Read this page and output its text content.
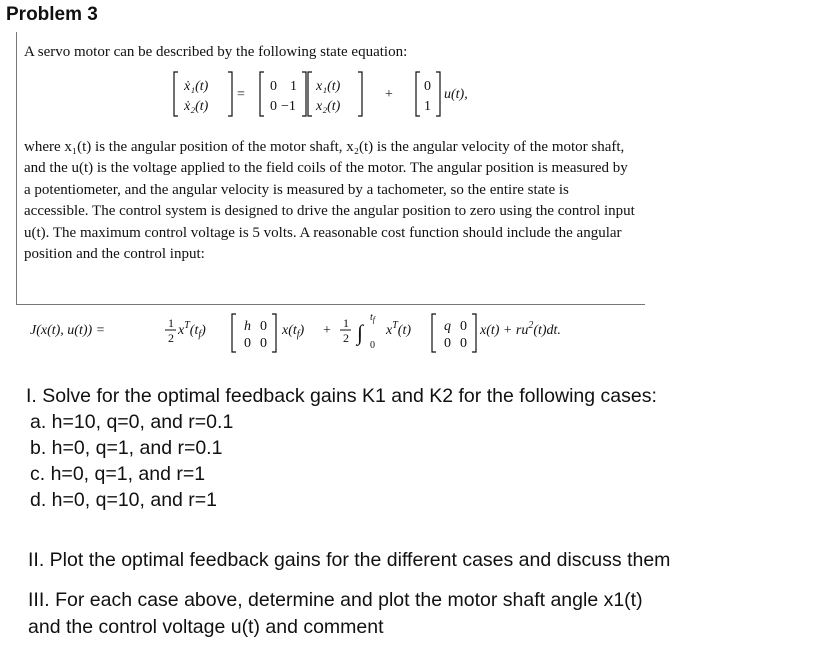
Problem 3
A servo motor can be described by the following state equation:
ẋ₁(t)
ẋ₂(t)
=
0 1
0 −1
x₁(t)
x₂(t)
+
0
1
u(t),
J(x(t), u(t)) =	1
2 $x^T(t_f)$	h 0
0 0
$x(t_f) + 1$
2 ∫
$t_f$
0
$x^T(t)$ q 0
0 0
$x(t) + ru^2(t)dt$.

where x₁(t) is the angular position of the motor shaft, x₂(t) is the angular velocity of the motor shaft, and the u(t) is the voltage applied to the field coils of the motor. The angular position is measured by a potentiometer, and the angular velocity is measured by a tachometer, so the entire state is accessible. The control system is designed to drive the angular position to zero using the control input u(t). The maximum control voltage is 5 volts. A reasonable cost function should include the angular position and the control input:

I. Solve for the optimal feedback gains K1 and K2 for the following cases:
a. h=10, q=0, and r=0.1
b. h=0, q=1, and r=0.1
c. h=0, q=1, and r=1
d. h=0, q=10, and r=1
II. Plot the optimal feedback gains for the different cases and discuss them
III. For each case above, determine and plot the motor shaft angle x1(t)
and the control voltage u(t) and comment
